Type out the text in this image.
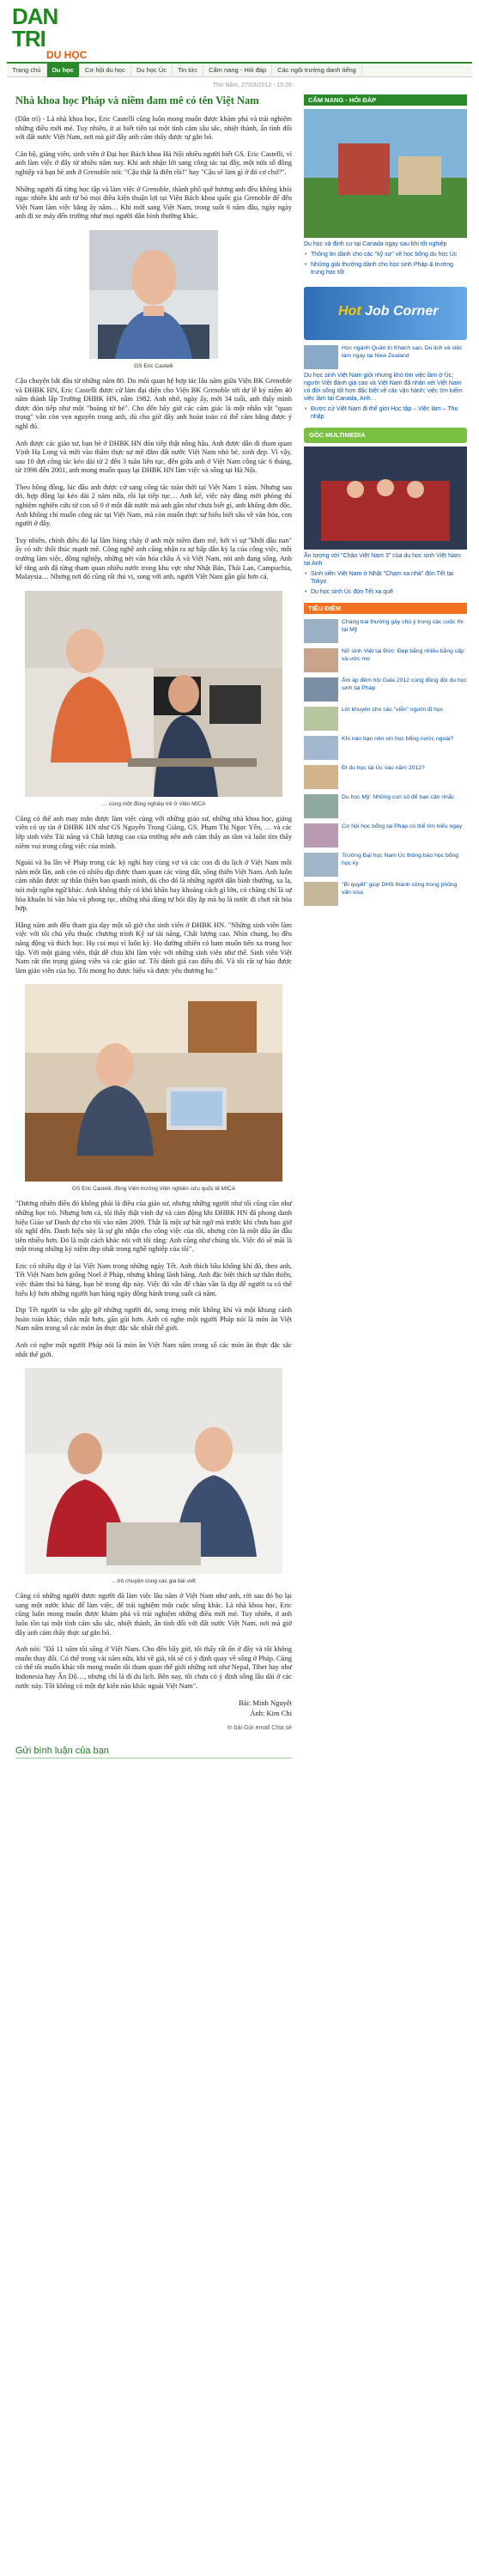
DAN TRI
DU HỌC
Trang chủ	Du học	Cơ hội du học	Du học Úc	Tin tức	Cẩm nang - Hỏi đáp	Các ngôi trường danh tiếng
Thứ Năm, 27/03/2012 - 15:26
Nhà khoa học Pháp và niềm đam mê có tên Việt Nam

(Dân trí) - Là nhà khoa học, Eric Castelli cũng luôn mong muốn được khám phá và trải nghiệm những điều mới mẻ. Tuy nhiên, ít ai biết tiến tại một tình cảm sâu sắc, nhiệt thành, ẩn tình đối với đất nước Việt Nam, nơi mà giờ đây anh cảm thấy được tự gắn bó.

Cán bộ, giảng viên, sinh viên ở Đại học Bách khoa Hà Nội nhiều người biết GS. Eric Castelli, vì anh làm việc ở đây từ nhiều năm nay. Khi anh nhận lời sang công tác tại đây, một nửa số đồng nghiệp và bạn bè anh ở Grenoble nói: "Cậu thật là điên rồi!" hay "Cậu sẽ làm gì ở đó cơ chứ?".

Những người đã từng học tập và làm việc ở Grenoble, thành phố quê hương anh đều không khỏi ngạc nhiên khi anh từ bỏ mọi điều kiện thuận lợi tại Viện Bách khoa quốc gia Grenoble để đến Việt Nam làm việc bằng ấy năm… Khi mới sang Việt Nam, trong suốt 6 năm đầu, ngày ngày anh đi xe máy đến trường như mọi người dân bình thường khác.

GS Eric Castelli

Cậu chuyện bắt đầu từ những năm 80. Do mối quan hệ hợp tác lâu năm giữa Viện BK Grenoble và ĐHBK HN, Eric Castelli được cử làm đại diện cho Viện BK Grenoble tới dự lễ kỷ niệm 40 năm thành lập Trường ĐHBK HN, năm 1982. Anh nhớ, ngày ấy, mới 34 tuổi, anh thấy mình được đón tiếp như một "hoàng tử bé". Cho đến bây giờ các cảm giác là một nhân vật "quan trọng" vẫn còn vẹn nguyên trong anh, dù cho giờ đây anh hoàn toàn có thể cảm bằng được ý nghĩ đó.

Anh được các giáo sư, bạn bè ở ĐHBK HN đón tiếp thật nồng hậu. Anh được dẫn đi tham quan Vịnh Hạ Long và mời vào thăm thực sự mê đắm đất nước Việt Nam nhỏ bé, xinh đẹp. Vì vậy, sau 10 đợt công tác kéo dài từ 2 đến 3 tuần liên tục, đến giữa anh ở Việt Nam công tác 6 tháng, từ 1996 đến 2001, anh mong muốn quay lại ĐHBK HN làm việc và sống tại Hà Nội.

Theo hồng đồng, lúc đầu anh được cử sang công tác toàn thời tại Việt Nam 1 năm. Nhưng sau đó, hợp đồng lại kéo dài 2 năm nữa, rồi lại tiếp tục… Anh kể, việc này đáng mời phòng thí nghiệm nghiên cứu từ con số 0 ở một đất nước mà anh gần như chưa biết gì, anh không đơn độc. Anh không chỉ muốn công tác tại Việt Nam, mà còn muốn thực sự hiểu biết sâu về văn hóa, con người ở đây.

Tuy nhiên, chính điều đó lại làm bùng cháy ở anh một niềm đam mê, bởi vì sự "khởi đầu nan" ấy có sức thôi thúc mạnh mẽ. Công nghệ anh cũng nhận ra sự hấp dẫn kỳ lạ của công việc, môi trường làm việc, đồng nghiệp, những nét văn hóa châu Á và Việt Nam, nói anh đang sống. Anh kể rằng anh đã từng tham quan nhiều nước trong khu vực như Nhật Bản, Thái Lan, Campuchia, Malaysia… Nhưng nơi đó cũng rất thú vị, song với anh, người Việt Nam gần gũi hơn cả.

… cùng một đồng nghiệp trẻ ở Viện MICA

Cũng có thể anh may mắn được làm việc cùng với những giáo sư, những nhà khoa học, giảng viên có uy tín ở ĐHBK HN như GS Nguyễn Trọng Giảng, GS. Phạm Thị Ngọc Yến, … và các lớp sinh viên Tài năng và Chất lượng cao của trường nên anh cảm thấy an tâm và luôn tìm thấy niềm vui trong công việc của mình.

Ngoài và ba lần về Pháp trong các kỳ nghỉ hay cùng vợ và các con đi du lịch ở Việt Nam mỗi năm một lần, anh còn có nhiều dịp được tham quan các vùng đất, sông thiên Việt Nam. Anh luôn cảm nhận được sự thân thiện bao quanh mình, dù cho đó là những người dân bình thường, xa lạ, nói một ngôn ngữ khác. Anh không thấy có khó khăn hay khoảng cách gì lớn, có chăng chỉ là sự hòa khuôn bì văn hóa và phong tục, những nhà dùng tự hỏi đầy ắp mà họ là nước đi chơi rất hòa hợp.

Hằng năm anh đều tham gia dạy một số giờ cho sinh viên ở ĐHBK HN. "Những sinh viên làm việc với tôi chủ yếu thuộc chương trình Kỹ sư tài năng, Chất lượng cao. Nhìn chung, họ đều năng động và thích học. Họ coi mọi vì luôn kỳ. Họ dường nhiên có ham muốn tiến xa trong học tập. Với một giảng viên, thật dễ chịu khi làm việc với những sinh viên như thế. Sinh viên Việt Nam rất tôn trọng giảng viên và các giáo sư. Tôi đánh giá cao điều đó. Và tôi rất tự hào được làm giáo viên của họ. Tôi mong họ được hiểu và được yêu thương họ."

GS Eric Castelli, đồng Viện trưởng Viện nghiên cứu quốc tế MICA

"Dương nhiên điều đó không phải là điều của giáo sư, nhưng những người như tôi cũng cần như những học trò. Nhưng hơn cả, tôi thấy thật vinh dự và cảm động khi ĐHBK HN đã phong danh hiệu Giáo sư Danh dự cho tôi vào năm 2009. Thật là một sự bất ngờ mà trước khi chưa bao giờ tôi nghĩ đến. Danh hiệu này là sự ghi nhận cho công việc của tôi, nhưng còn là một dấu ấn đầu tiên nhiều hơn. Đó là một cách khác nói với tôi rằng: Anh cũng như chúng tôi. Việc đó sẽ mãi là một trong những kỷ niệm đẹp nhất trong nghề nghiệp của tôi".

Eric có nhiều dịp ở lại Việt Nam trong những ngày Tết. Anh thích bầu không khí đó, theo anh, Tết Việt Nam hơn giống Noel ở Pháp, nhưng không lãnh băng. Anh đặc biệt thích sự thân thiện, việc thăm thú bà hàng, bạn bè trong dịp này. Việc đó vẫn để chào vần là dịp để người ta có thể hiểu kỹ hơn những người bạn hàng ngày đông hành trong suốt cả năm.

Dịp Tết người ta vẫn gặp gỡ những người đó, song trong một không khí và một khung cảnh hoàn toàn khác, thân mật hơn, gần gũi hơn. Anh có nghe một người Pháp nói là món ăn Việt Nam nấm trong số các món ăn thực đặc sắc nhất thế giới.

Anh có nghe một người Pháp nói là món ăn Việt Nam nấm trong số các món ăn thực đặc sắc nhất thế giới.

…trò chuyện cùng các gia bài viết

Cũng có những người được người đã làm việc lâu năm ở Việt Nam như anh, rời sau đó họ lại sang một nước khác để làm việc, để trải nghiệm một cuộc sống khác. Là nhà khoa học, Eric cũng luôn mong muốn được khám phá và trải nghiệm những điều mới mẻ. Tuy nhiên, ở anh luôn tồn tại một tình cảm sâu sắc, nhiệt thành, ẩn tình đối với đất nước Việt Nam, nơi mà giờ đây anh cảm thấy thực sự gắn bó.

Anh nói: "Đã 11 năm tôi sống ở Việt Nam. Cho đến bây giờ, tôi thấy rất ổn ở đây và tôi không muốn thay đổi. Có thể trong vài năm nữa, khi về già, tôi sẽ có ý định quay về sống ở Pháp. Cũng có thể tôi muốn khác tốt mong muốn tôi tham quan thế giới những nơi như Nepal, Tibet hay như Indonesia hay Ấn Độ…, nhưng chỉ là đi du lịch. Bên nay, tôi chưa có ý định sống lâu dài ở các nước này. Tôi không có một dự kiến nào khác ngoài Việt Nam".

Bài: Minh Nguyệt
Ảnh: Kim Chi
In bài Gửi email Chia sẻ
Gửi bình luận của bạn
CẨM NANG - HỎI ĐÁP
Du học và định cư tại Canada ngay sau khi tốt nghiệp
• Thông tin dành cho các "kỹ sư" về học bổng du học Úc
• Những giải thưởng dành cho học sinh Pháp & trường trung học tốt
Hot Job Corner
Học ngành Quản trị Khách sạn, Du lịch và việc làm ngay tại New Zealand
Du học sinh Việt Nam giỏi nhưng khó tìm việc làm ở Úc; người Việt đánh giá cao và Việt Nam đã nhận xét Việt Nam có đời sống tốt hơn đặc biệt về các vận hành; việc tìm kiếm việc làm tại Canada, Anh…
• Được cử Việt Nam đi thế giới Học tập – Việc làm – Thu nhập
GÓC MULTIMEDIA
Ấn tượng với "Chào Việt Nam 3" của du học sinh Việt Nam tại Anh
• Sinh viên Việt Nam ở Nhật "Chạm xa nhà" đón Tết tại Tokyo
• Du học sinh Úc đón Tết xa quê
TIÊU ĐIỂM
Chàng trai thường gây chú ý trong các cuộc thi tại Mỹ
Nữ sinh Việt tại Đức: Đẹp bằng nhiều bằng cấp và ước mơ
Ấm áp đêm hội Gala 2012 cùng đồng đội du học sinh tại Pháp
Lời khuyên cho các "viễn" người đi học
Khi nào bạn nên xin học bổng nước ngoài?
Đi du học tài Úc vào năm 2012?
Du học Mỹ: Những con số để bạn cân nhắc
Cơ hội học bổng tại Pháp có thể tìm hiểu ngay
Trường Đại học Nam Úc thông báo học bổng học kỳ
"Bí quyết" giúp DHS thành công trong phỏng vấn visa
